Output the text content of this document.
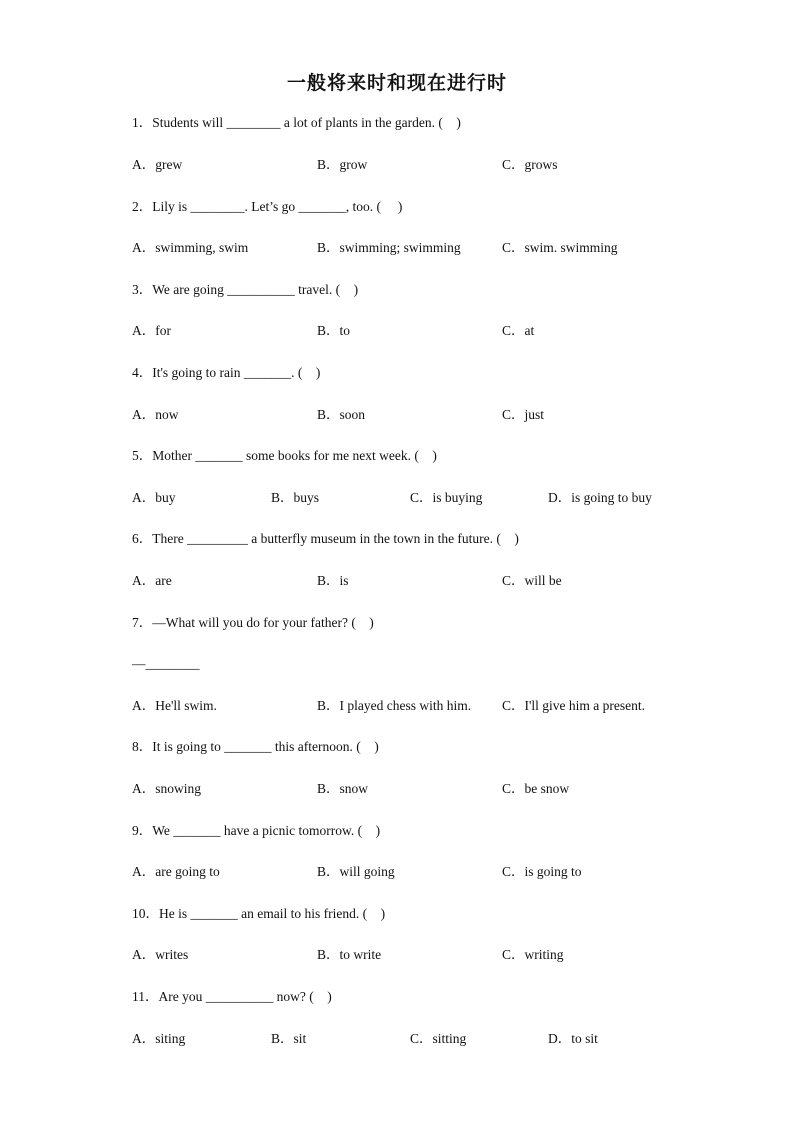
一般将来时和现在进行时
1．Students will ________ a lot of plants in the garden. (    )
A．grew	B．grow	C．grows
2．Lily is ________. Let’s go _______, too. (     )
A．swimming, swim	B．swimming; swimming	C．swim. swimming
3．We are going __________ travel. (    )
A．for	B．to	C．at
4．It's going to rain _______. (    )
A．now	B．soon	C．just
5．Mother _______ some books for me next week. (    )
A．buy	B．buys	C．is buying	D．is going to buy
6．There _________ a butterfly museum in the town in the future. (    )
A．are	B．is	C．will be
7．—What will you do for your father? (    )
—________
A．He'll swim.	B．I played chess with him. C．I'll give him a present.
8．It is going to _______ this afternoon. (    )
A．snowing	B．snow	C．be snow
9．We _______ have a picnic tomorrow. (    )
A．are going to	B．will going	C．is going to
10．He is _______ an email to his friend. (    )
A．writes	B．to write	C．writing
11．Are you __________ now? (    )
A．siting	B．sit	C．sitting	D．to sit
